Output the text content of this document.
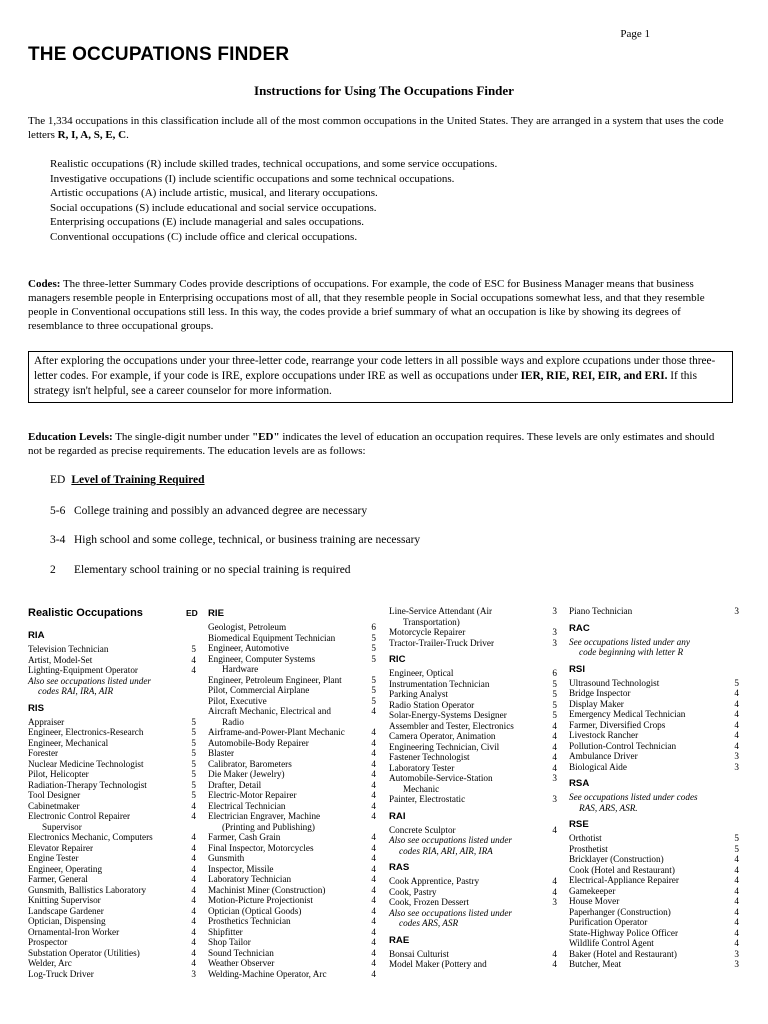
Page 1
THE OCCUPATIONS FINDER
Instructions for Using The Occupations Finder
The 1,334 occupations in this classification include all of the most common occupations in the United States. They are arranged in a system that uses the code letters R, I, A, S, E, C.
Realistic occupations (R) include skilled trades, technical occupations, and some service occupations.
Investigative occupations (I) include scientific occupations and some technical occupations.
Artistic occupations (A) include artistic, musical, and literary occupations.
Social occupations (S) include educational and social service occupations.
Enterprising occupations (E) include managerial and sales occupations.
Conventional occupations (C) include office and clerical occupations.
Codes: The three-letter Summary Codes provide descriptions of occupations. For example, the code of ESC for Business Manager means that business managers resemble people in Enterprising occupations most of all, that they resemble people in Social occupations somewhat less, and that they resemble people in Conventional occupations still less. In this way, the codes provide a brief summary of what an occupation is like by showing its degrees of resemblance to three occupational groups.
After exploring the occupations under your three-letter code, rearrange your code letters in all possible ways and explore ccupations under those three-letter codes. For example, if your code is IRE, explore occupations under IRE as well as occupations under IER, RIE, REI, EIR, and ERI. If this strategy isn't helpful, see a career counselor for more information.
Education Levels: The single-digit number under "ED" indicates the level of education an occupation requires. These levels are only estimates and should not be regarded as precise requirements. The education levels are as follows:
ED Level of Training Required
5-6 College training and possibly an advanced degree are necessary
3-4 High school and some college, technical, or business training are necessary
2 Elementary school training or no special training is required
ED
Realistic Occupations
RIA
Television Technician	5
Artist, Model-Set	4
Lighting-Equipment Operator	4
Also see occupations listed under
codes RAI, IRA, AIR
RIS
Appraiser	5
Engineer, Electronics-Research	5
Engineer, Mechanical	5
Forester	5
Nuclear Medicine Technologist	5
Pilot, Helicopter	5
Radiation-Therapy Technologist	5
Tool Designer	5
Cabinetmaker	4
Electronic Control Repairer	4
Supervisor
Electronics Mechanic, Computers	4
Elevator Repairer	4
Engine Tester	4
Engineer, Operating	4
Farmer, General	4
Gunsmith, Ballistics Laboratory	4
Knitting Supervisor	4
Landscape Gardener	4
Optician, Dispensing	4
Ornamental-Iron Worker	4
Prospector	4
Substation Operator (Utilities)	4
Welder, Arc	4
Log-Truck Driver	3
RIE
Geologist, Petroleum	6
Biomedical Equipment Technician	5
Engineer, Automotive	5
Engineer, Computer Systems	5
Hardware
Engineer, Petroleum Engineer, Plant	5
Pilot, Commercial Airplane	5
Pilot, Executive	5
Aircraft Mechanic, Electrical and	4
Radio
Airframe-and-Power-Plant Mechanic	4
Automobile-Body Repairer	4
Blaster	4
Calibrator, Barometers	4
Die Maker (Jewelry)	4
Drafter, Detail	4
Electric-Motor Repairer	4
Electrical Technician	4
Electrician Engraver, Machine	4
(Printing and Publishing)
Farmer, Cash Grain	4
Final Inspector, Motorcycles	4
Gunsmith	4
Inspector, Missile	4
Laboratory Technician	4
Machinist Miner (Construction)	4
Motion-Picture Projectionist	4
Optician (Optical Goods)	4
Prosthetics Technician	4
Shipfitter	4
Shop Tailor	4
Sound Technician	4
Weather Observer	4
Welding-Machine Operator, Arc	4
Line-Service Attendant (Air	3
Transportation)
Motorcycle Repairer	3
Tractor-Trailer-Truck Driver	3
RIC
Engineer, Optical	6
Instrumentation Technician	5
Parking Analyst	5
Radio Station Operator	5
Solar-Energy-Systems Designer	5
Assembler and Tester, Electronics	4
Camera Operator, Animation	4
Engineering Technician, Civil	4
Fastener Technologist	4
Laboratory Tester	4
Automobile-Service-Station	3
Mechanic
Painter, Electrostatic	3
RAI
Concrete Sculptor	4
Also see occupations listed under
codes RIA, ARI, AIR, IRA
RAS
Cook Apprentice, Pastry	4
Cook, Pastry	4
Cook, Frozen Dessert	3
Also see occupations listed under
codes ARS, ASR
RAE
Bonsai Culturist	4
Model Maker (Pottery and	4
Piano Technician	3
RAC
See occupations listed under any
code beginning with letter R
RSI
Ultrasound Technologist	5
Bridge Inspector	4
Display Maker	4
Emergency Medical Technician	4
Farmer, Diversified Crops	4
Livestock Rancher	4
Pollution-Control Technician	4
Ambulance Driver	3
Biological Aide	3
RSA
See occupations listed under codes
RAS, ARS, ASR.
RSE
Orthotist	5
Prosthetist	5
Bricklayer (Construction)	4
Cook (Hotel and Restaurant)	4
Electrical-Appliance Repairer	4
Gamekeeper	4
House Mover	4
Paperhanger (Construction)	4
Purification Operator	4
State-Highway Police Officer	4
Wildlife Control Agent	4
Baker (Hotel and Restaurant)	3
Butcher, Meat	3
